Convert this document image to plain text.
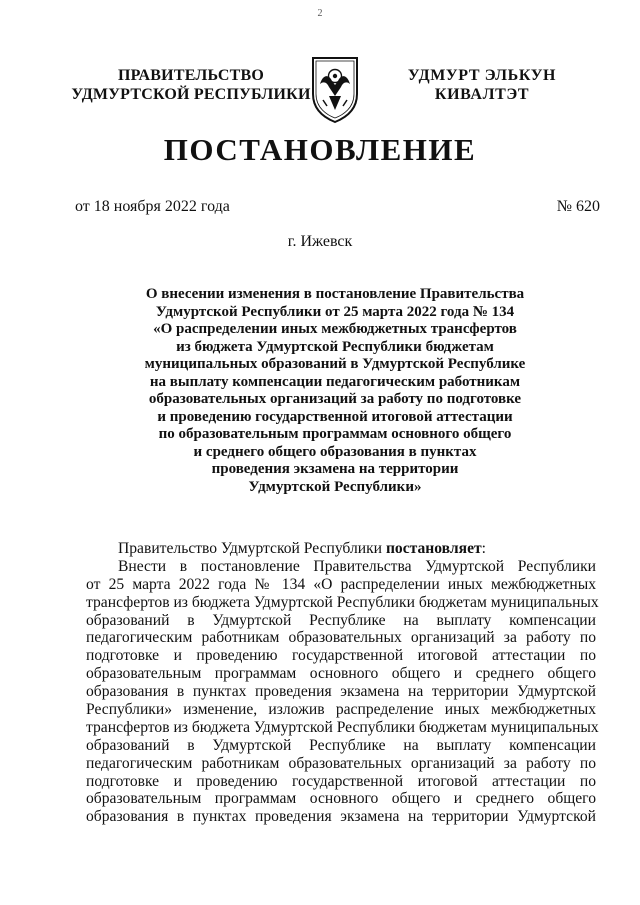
2
ПРАВИТЕЛЬСТВО
УДМУРТСКОЙ РЕСПУБЛИКИ
УДМУРТ ЭЛЬКУН
КИВАЛТЭТ
ПОСТАНОВЛЕНИЕ
от 18 ноября 2022 года	№ 620
г. Ижевск
О внесении изменения в постановление Правительства
Удмуртской Республики от 25 марта 2022 года № 134
«О распределении иных межбюджетных трансфертов
из бюджета Удмуртской Республики бюджетам
муниципальных образований в Удмуртской Республике
на выплату компенсации педагогическим работникам
образовательных организаций за работу по подготовке
и проведению государственной итоговой аттестации
по образовательным программам основного общего
и среднего общего образования в пунктах
проведения экзамена на территории
Удмуртской Республики»
Правительство Удмуртской Республики постановляет:
Внести в постановление Правительства Удмуртской Республики
от 25 марта 2022 года № 134 «О распределении иных межбюджетных
трансфертов из бюджета Удмуртской Республики бюджетам муниципальных
образований в Удмуртской Республике на выплату компенсации
педагогическим работникам образовательных организаций за работу по
подготовке и проведению государственной итоговой аттестации по
образовательным программам основного общего и среднего общего
образования в пунктах проведения экзамена на территории Удмуртской
Республики» изменение, изложив распределение иных межбюджетных
трансфертов из бюджета Удмуртской Республики бюджетам муниципальных
образований в Удмуртской Республике на выплату компенсации
педагогическим работникам образовательных организаций за работу по
подготовке и проведению государственной итоговой аттестации по
образовательным программам основного общего и среднего общего
образования в пунктах проведения экзамена на территории Удмуртской
